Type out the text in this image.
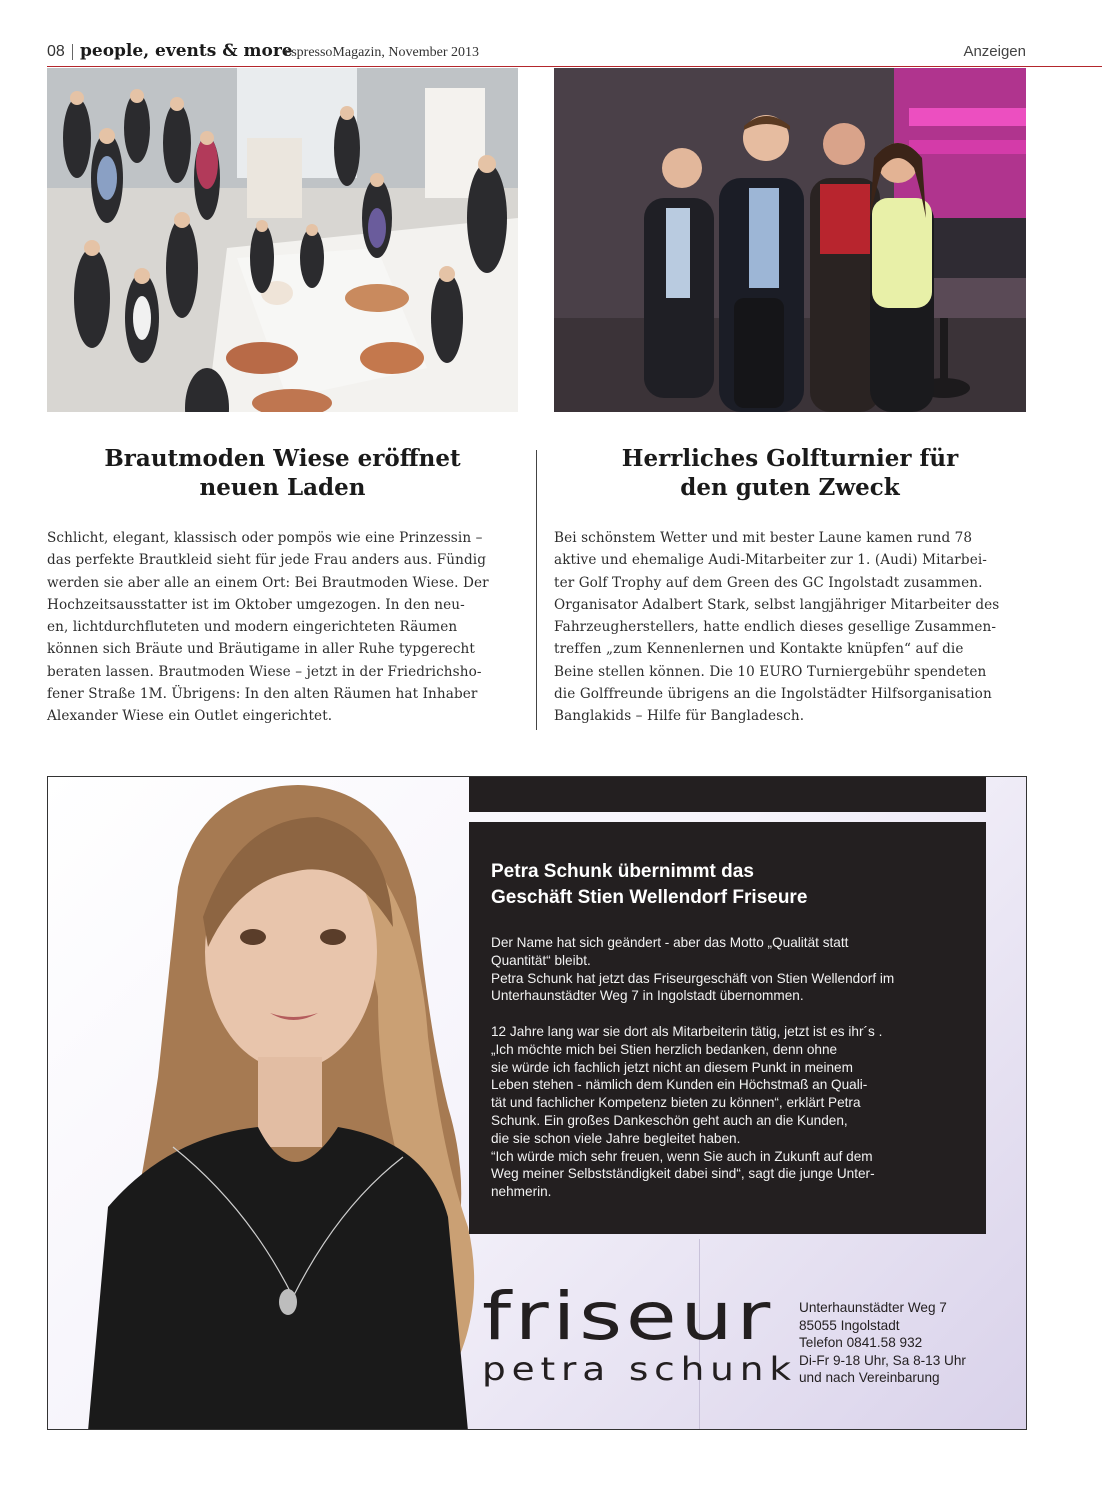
08 people, events & more
espressoMagazin, November 2013	Anzeigen
Brautmoden Wiese eröffnet
neuen Laden
Herrliches Golfturnier für
den guten Zweck
Schlicht, elegant, klassisch oder pompös wie eine Prinzessin –
das perfekte Brautkleid sieht für jede Frau anders aus. Fündig
werden sie aber alle an einem Ort: Bei Brautmoden Wiese. Der
Hochzeitsausstatter ist im Oktober umgezogen. In den neu-
en, lichtdurchfluteten und modern eingerichteten Räumen
können sich Bräute und Bräutigame in aller Ruhe typgerecht
beraten lassen. Brautmoden Wiese – jetzt in der Friedrichsho-
fener Straße 1M. Übrigens: In den alten Räumen hat Inhaber
Alexander Wiese ein Outlet eingerichtet.
Bei schönstem Wetter und mit bester Laune kamen rund 78
aktive und ehemalige Audi-Mitarbeiter zur 1. (Audi) Mitarbei-
ter Golf Trophy auf dem Green des GC Ingolstadt zusammen.
Organisator Adalbert Stark, selbst langjähriger Mitarbeiter des
Fahrzeugherstellers, hatte endlich dieses gesellige Zusammen-
treffen „zum Kennenlernen und Kontakte knüpfen“ auf die
Beine stellen können. Die 10 EURO Turniergebühr spendeten
die Golffreunde übrigens an die Ingolstädter Hilfsorganisation
Banglakids – Hilfe für Bangladesch.
Petra Schunk übernimmt das
Geschäft Stien Wellendorf Friseure
Der Name hat sich geändert - aber das Motto „Qualität statt
Quantität“ bleibt.
Petra Schunk hat jetzt das Friseurgeschäft von Stien Wellendorf im
Unterhaunstädter Weg 7 in Ingolstadt übernommen.
12 Jahre lang war sie dort als Mitarbeiterin tätig, jetzt ist es ihr´s .
„Ich möchte mich bei Stien herzlich bedanken, denn ohne
sie würde ich fachlich jetzt nicht an diesem Punkt in meinem
Leben stehen - nämlich dem Kunden ein Höchstmaß an Quali-
tät und fachlicher Kompetenz bieten zu können“, erklärt Petra
Schunk. Ein großes Dankeschön geht auch an die Kunden,
die sie schon viele Jahre begleitet haben.
“Ich würde mich sehr freuen, wenn Sie auch in Zukunft auf dem
Weg meiner Selbstständigkeit dabei sind“, sagt die junge Unter-
nehmerin.
friseur
petra schunk
Unterhaunstädter Weg 7
85055 Ingolstadt
Telefon 0841.58 932
Di-Fr 9-18 Uhr, Sa 8-13 Uhr
und nach Vereinbarung
